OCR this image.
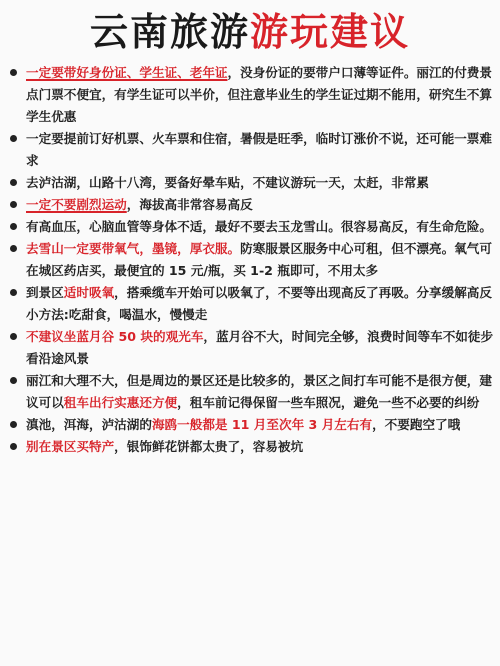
云南旅游游玩建议
一定要带好身份证、学生证、老年证，没身份证的要带户口薄等证件。丽江的付费景点门票不便宜，有学生证可以半价，但注意毕业生的学生证过期不能用，研究生不算学生优惠
一定要提前订好机票、火车票和住宿，暑假是旺季，临时订涨价不说，还可能一票难求
去泸沽湖，山路十八湾，要备好晕车贴，不建议游玩一天，太赶，非常累
一定不要剧烈运动，海拔高非常容易高反
有高血压，心脑血管等身体不适，最好不要去玉龙雪山。很容易高反，有生命危险。
去雪山一定要带氧气，墨镜，厚衣服。防寒服景区服务中心可租，但不漂亮。氧气可在城区药店买，最便宜的 15 元/瓶，买 1-2 瓶即可，不用太多
到景区适时吸氧，搭乘缆车开始可以吸氧了，不要等出现高反了再吸。分享缓解高反小方法:吃甜食，喝温水，慢慢走
不建议坐蓝月谷 50 块的观光车，蓝月谷不大，时间完全够，浪费时间等车不如徒步看沿途风景
丽江和大理不大，但是周边的景区还是比较多的，景区之间打车可能不是很方便，建议可以租车出行实惠还方便，租车前记得保留一些车照况，避免一些不必要的纠纷
滇池，洱海，泸沽湖的海鸥一般都是 11 月至次年 3 月左右有，不要跑空了哦
别在景区买特产，银饰鲜花饼都太贵了，容易被坑
